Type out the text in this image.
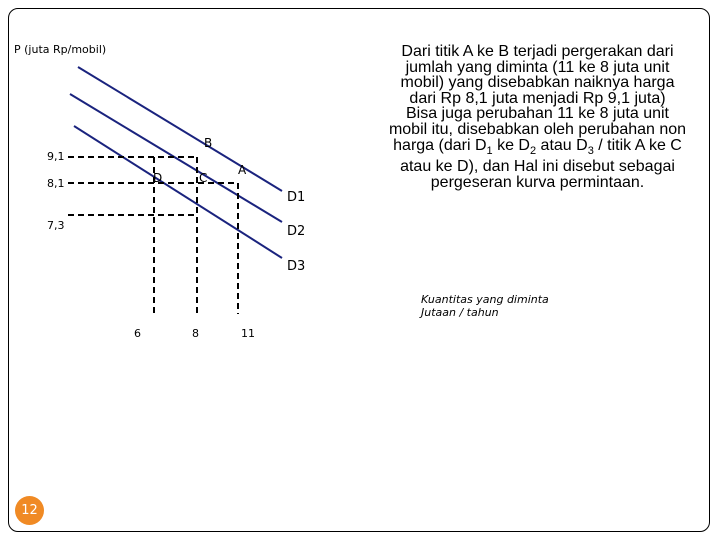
P (juta Rp/mobil)
9,1
8,1
7,3
6	8	11
B
D	C
A
D1
D2
D3
Kuantitas yang diminta
Jutaan / tahun

Dari titik A ke B terjadi pergerakan dari jumlah yang diminta (11 ke 8 juta unit mobil) yang disebabkan naiknya harga dari Rp 8,1 juta menjadi Rp 9,1 juta)

Bisa juga perubahan 11 ke 8 juta unit mobil itu, disebabkan oleh perubahan non harga (dari $D_1$ ke $D_2$ atau $D_3$ / titik A ke C atau ke D), dan Hal ini disebut sebagai pergeseran kurva permintaan.

12
